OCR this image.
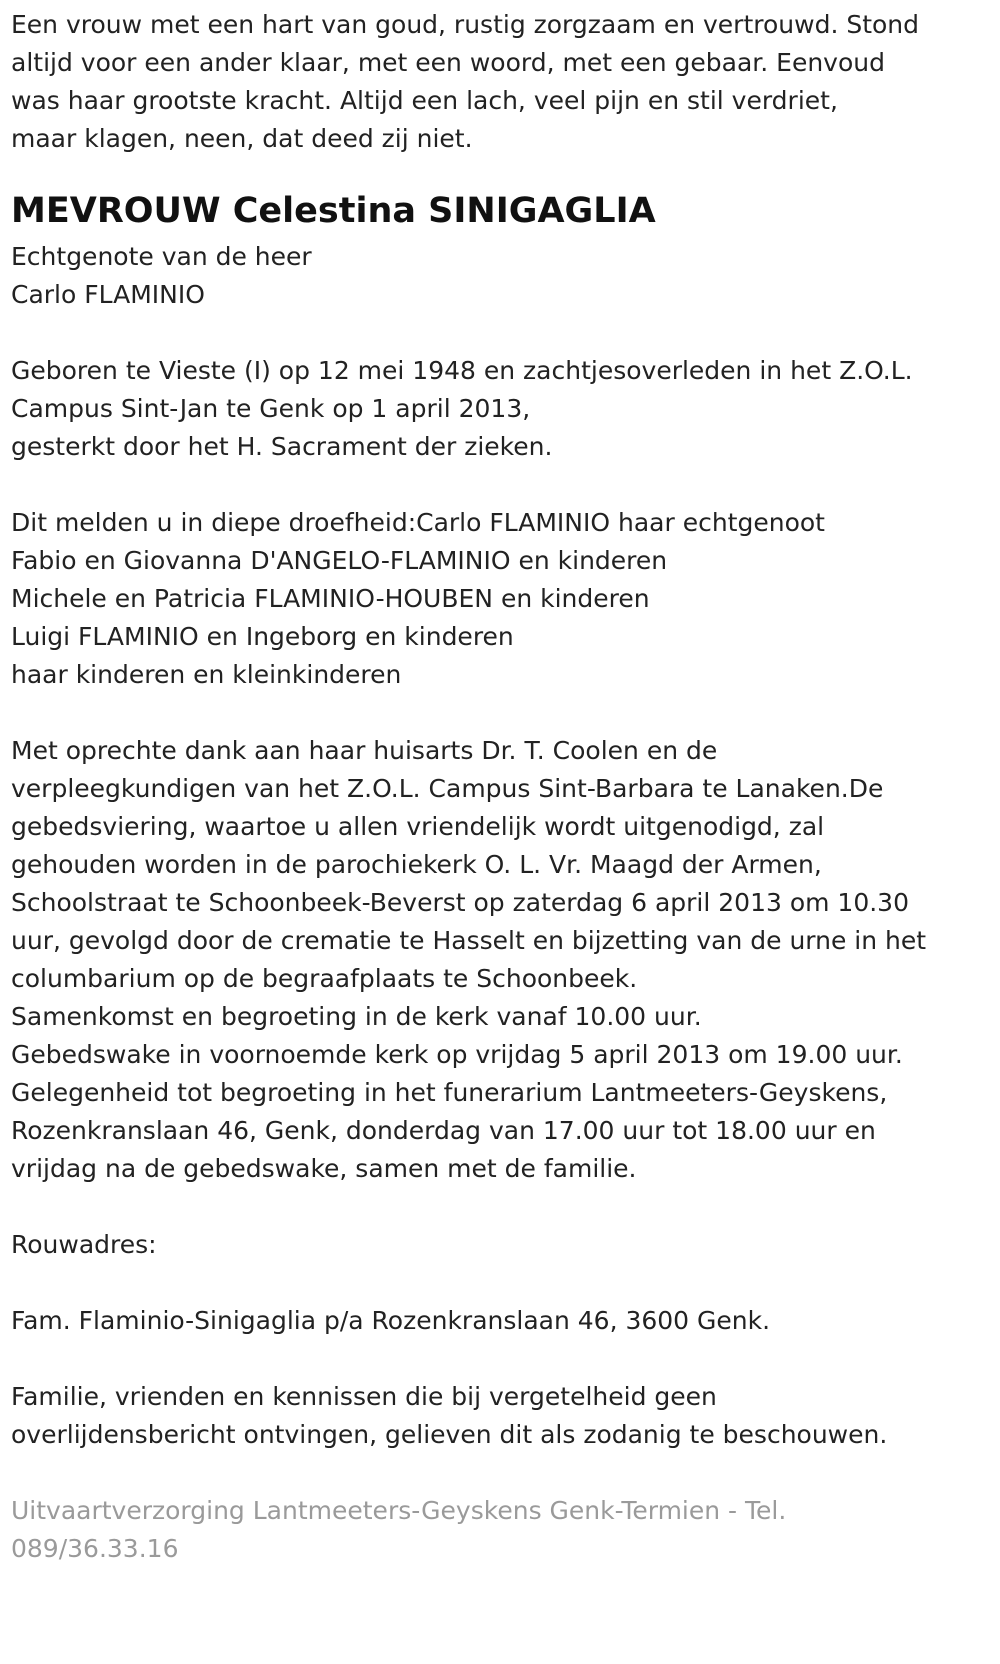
Een vrouw met een hart van goud, rustig zorgzaam en vertrouwd. Stond

altijd voor een ander klaar, met een woord, met een gebaar. Eenvoud

was haar grootste kracht. Altijd een lach, veel pijn en stil verdriet,

maar klagen, neen, dat deed zij niet.

MEVROUW Celestina SINIGAGLIA

Echtgenote van de heer

Carlo FLAMINIO

Geboren te Vieste (I) op 12 mei 1948 en zachtjesoverleden in het Z.O.L.

Campus Sint-Jan te Genk op 1 april 2013,

gesterkt door het H. Sacrament der zieken.

Dit melden u in diepe droefheid:Carlo FLAMINIO haar echtgenoot

Fabio en Giovanna D'ANGELO-FLAMINIO en kinderen

Michele en Patricia FLAMINIO-HOUBEN en kinderen

Luigi FLAMINIO en Ingeborg en kinderen

haar kinderen en kleinkinderen

Met oprechte dank aan haar huisarts Dr. T. Coolen en de

verpleegkundigen van het Z.O.L. Campus Sint-Barbara te Lanaken.De

gebedsviering, waartoe u allen vriendelijk wordt uitgenodigd, zal

gehouden worden in de parochiekerk O. L. Vr. Maagd der Armen,

Schoolstraat te Schoonbeek-Beverst op zaterdag 6 april 2013 om 10.30

uur, gevolgd door de crematie te Hasselt en bijzetting van de urne in het

columbarium op de begraafplaats te Schoonbeek.

Samenkomst en begroeting in de kerk vanaf 10.00 uur.

Gebedswake in voornoemde kerk op vrijdag 5 april 2013 om 19.00 uur.

Gelegenheid tot begroeting in het funerarium Lantmeeters-Geyskens,

Rozenkranslaan 46, Genk, donderdag van 17.00 uur tot 18.00 uur en

vrijdag na de gebedswake, samen met de familie.

Rouwadres:

Fam. Flaminio-Sinigaglia p/a Rozenkranslaan 46, 3600 Genk.

Familie, vrienden en kennissen die bij vergetelheid geen

overlijdensbericht ontvingen, gelieven dit als zodanig te beschouwen.

Uitvaartverzorging Lantmeeters-Geyskens Genk-Termien - Tel.

089/36.33.16
